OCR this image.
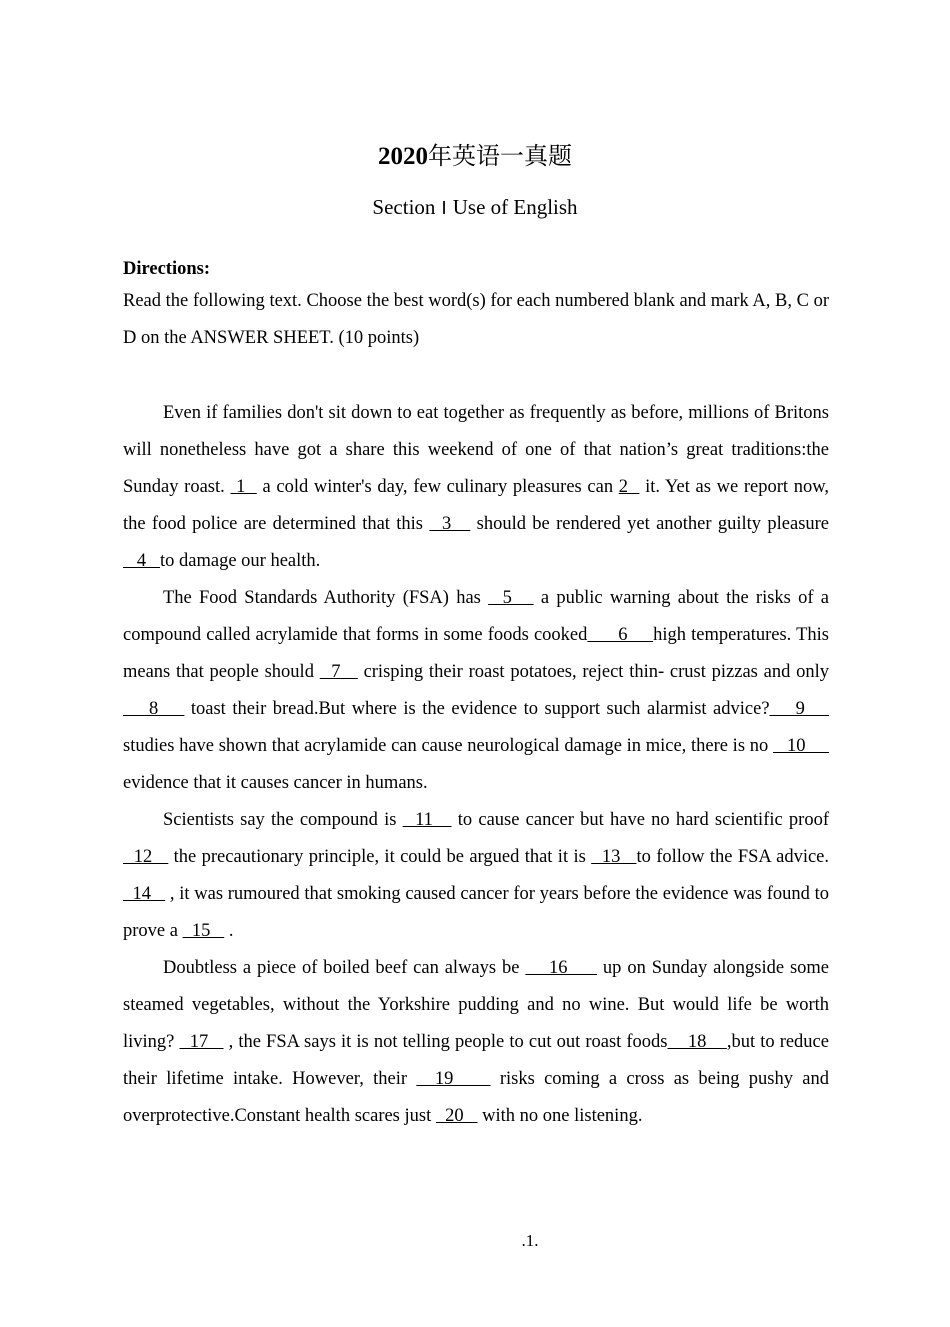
2020年英语一真题
Section Ⅰ Use of English

Directions:

Read the following text. Choose the best word(s) for each numbered blank and mark A, B, C or D on the ANSWER SHEET. (10 points)

Even if families don't sit down to eat together as frequently as before, millions of Britons will nonetheless have got a share this weekend of one of that nation’s great traditions:the Sunday roast.  1   a cold winter's day, few culinary pleasures can 2   it. Yet as we report now, the food police are determined that this   3    should be rendered yet another guilty pleasure   4   to damage our health.

The Food Standards Authority (FSA) has   5    a public warning about the risks of a compound called acrylamide that forms in some foods cooked      6     high temperatures. This means that people should   7    crisping their roast potatoes, reject thin- crust pizzas and only     8     toast their bread.But where is the evidence to support such alarmist advice?    9     studies have shown that acrylamide can cause neurological damage in mice, there is no    10      evidence that it causes cancer in humans.

Scientists say the compound is   11    to cause cancer but have no hard scientific proof   12    the precautionary principle, it could be argued that it is   13   to follow the FSA advice.   14    , it was rumoured that smoking caused cancer for years before the evidence was found to prove a   15    .

Doubtless a piece of boiled beef can always be     16      up on Sunday alongside some steamed vegetables, without the Yorkshire pudding and no wine. But would life be worth living?   17    , the FSA says it is not telling people to cut out roast foods    18    ,but to reduce their lifetime intake. However, their   19     risks coming a cross as being pushy and overprotective.Constant health scares just   20    with no one listening.

.1.
